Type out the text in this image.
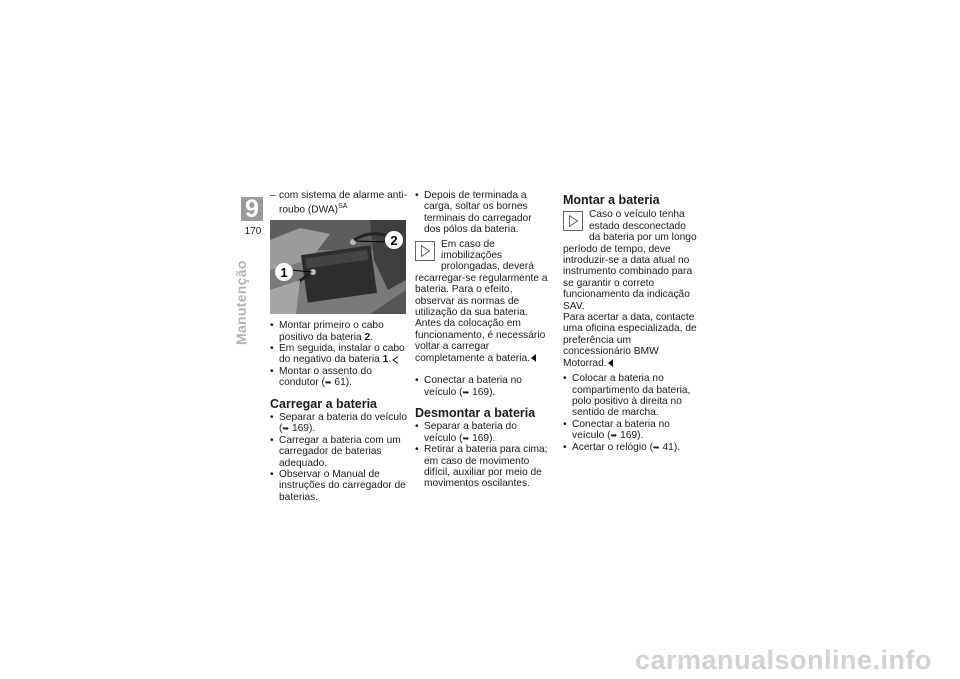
9
170
Manutenção
– com sistema de alarme anti-roubo (DWA)$^{SA}$
2
1
• Montar primeiro o cabo positivo da bateria 2.
• Em seguida, instalar o cabo do negativo da bateria 1.
• Montar o assento do condutor (➥ 61).
Carregar a bateria
• Separar a bateria do veículo (➥ 169).
• Carregar a bateria com um carregador de baterias adequado.
• Observar o Manual de instruções do carregador de baterias.
• Depois de terminada a carga, soltar os bornes terminais do carregador dos pólos da bateria.

Em caso de imobilizações prolongadas, deverá recarregar-se regularmente a bateria. Para o efeito, observar as normas de utilização da sua bateria. Antes da colocação em funcionamento, é necessário voltar a carregar completamente a bateria.

• Conectar a bateria no veículo (➥ 169).
Desmontar a bateria
• Separar a bateria do veículo (➥ 169).
• Retirar a bateria para cima; em caso de movimento difícil, auxiliar por meio de movimentos oscilantes.
Montar a bateria

Caso o veículo tenha estado desconectado da bateria por um longo período de tempo, deve introduzir-se a data atual no instrumento combinado para se garantir o correto funcionamento da indicação SAV.

Para acertar a data, contacte uma oficina especializada, de preferência um concessionário BMW Motorrad.

• Colocar a bateria no compartimento da bateria, polo positivo à direita no sentido de marcha.
• Conectar a bateria no veículo (➥ 169).
• Acertar o relógio (➥ 41).
carmanualsonline.info
